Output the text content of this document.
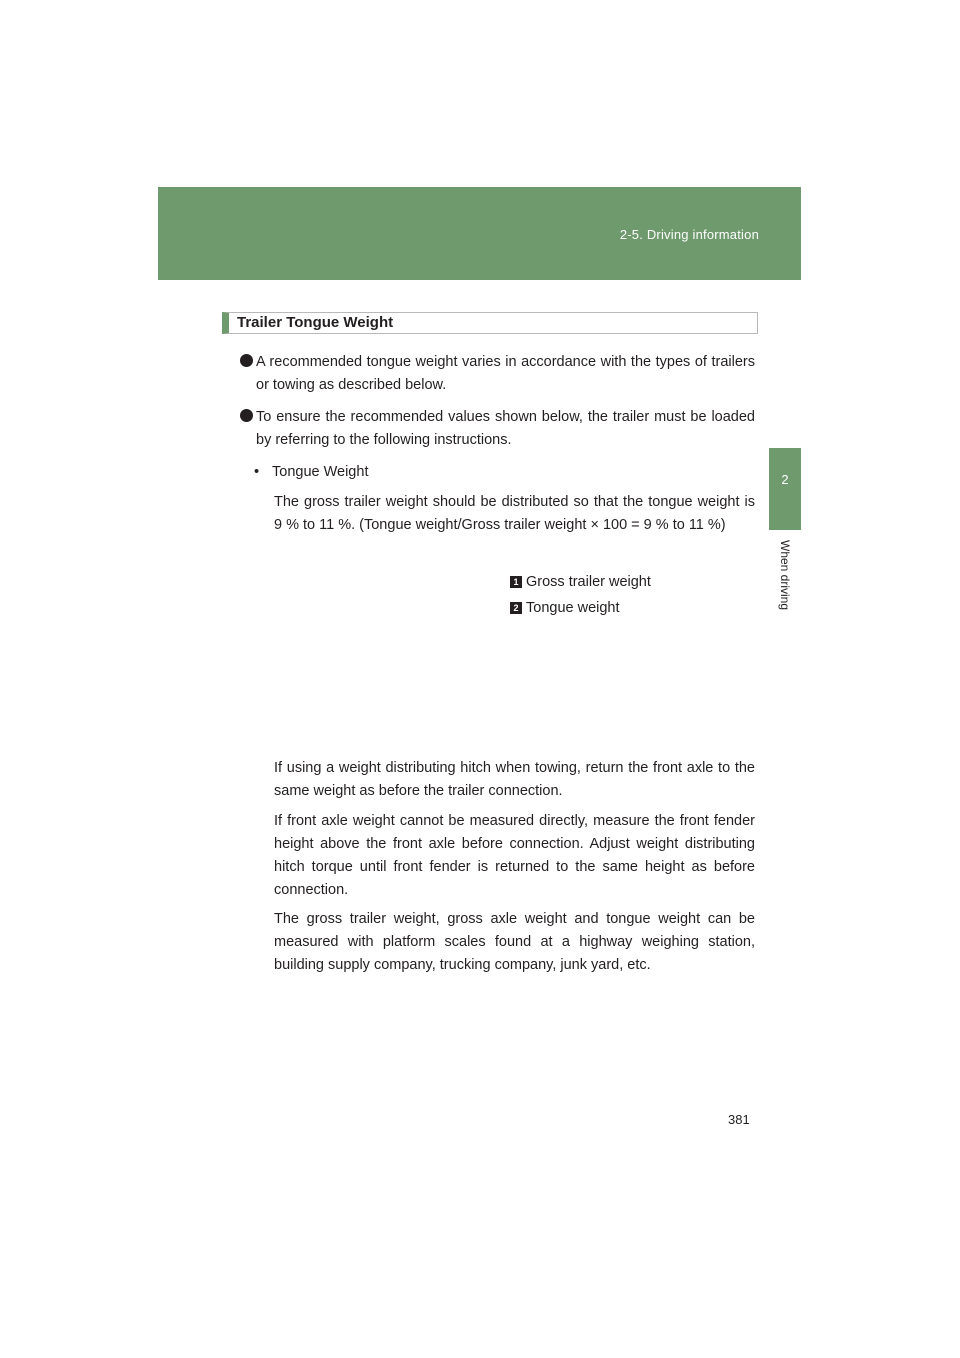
2-5. Driving information
2
When driving
Trailer Tongue Weight
A recommended tongue weight varies in accordance with the types of trailers or towing as described below.
To ensure the recommended values shown below, the trailer must be loaded by referring to the following instructions.
• Tongue Weight
The gross trailer weight should be distributed so that the tongue weight is 9 % to 11 %. (Tongue weight/Gross trailer weight × 100 = 9 % to 11 %)
1 Gross trailer weight
2 Tongue weight
If using a weight distributing hitch when towing, return the front axle to the same weight as before the trailer connection.
If front axle weight cannot be measured directly, measure the front fender height above the front axle before connection. Adjust weight distributing hitch torque until front fender is returned to the same height as before connection.
The gross trailer weight, gross axle weight and tongue weight can be measured with platform scales found at a highway weighing station, building supply company, trucking company, junk yard, etc.
381
